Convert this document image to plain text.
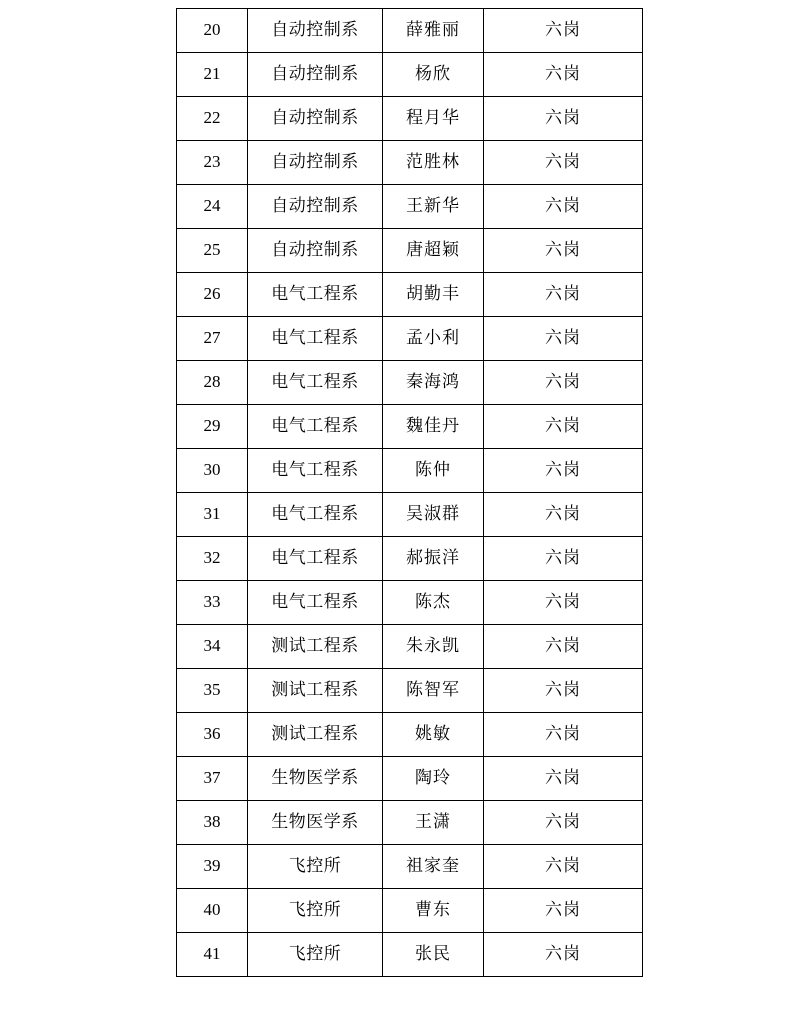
20	自动控制系	薛雅丽	六岗
21	自动控制系	杨欣	六岗
22	自动控制系	程月华	六岗
23	自动控制系	范胜林	六岗
24	自动控制系	王新华	六岗
25	自动控制系	唐超颖	六岗
26	电气工程系	胡勤丰	六岗
27	电气工程系	孟小利	六岗
28	电气工程系	秦海鸿	六岗
29	电气工程系	魏佳丹	六岗
30	电气工程系	陈仲	六岗
31	电气工程系	吴淑群	六岗
32	电气工程系	郝振洋	六岗
33	电气工程系	陈杰	六岗
34	测试工程系	朱永凯	六岗
35	测试工程系	陈智军	六岗
36	测试工程系	姚敏	六岗
37	生物医学系	陶玲	六岗
38	生物医学系	王潇	六岗
39	飞控所	祖家奎	六岗
40	飞控所	曹东	六岗
41	飞控所	张民	六岗
